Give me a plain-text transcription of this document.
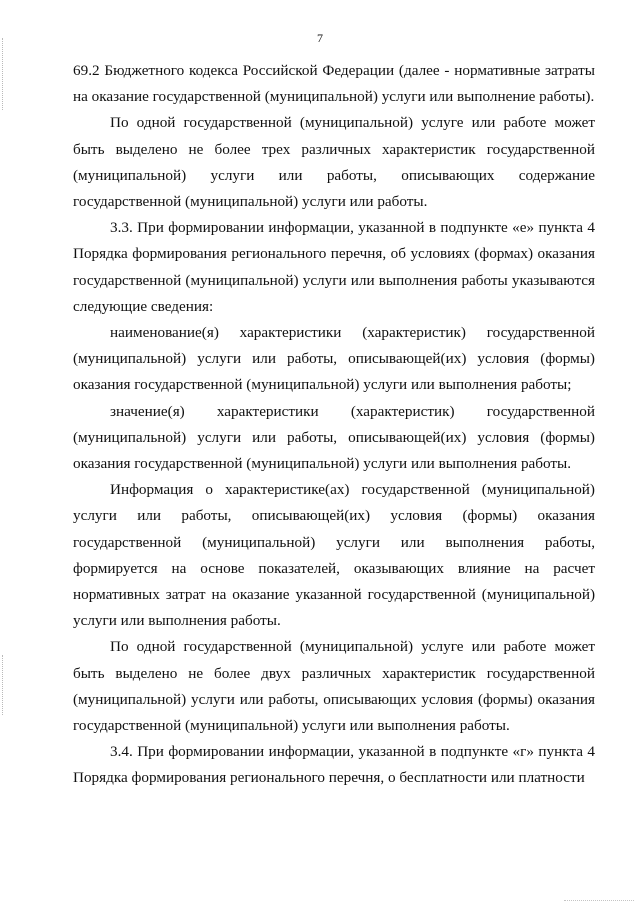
7

69.2 Бюджетного кодекса Российской Федерации (далее - нормативные затраты на оказание государственной (муниципальной) услуги или выполнение работы).

По одной государственной (муниципальной) услуге или работе может быть выделено не более трех различных характеристик государственной (муниципальной) услуги или работы, описывающих содержание государственной (муниципальной) услуги или работы.

3.3. При формировании информации, указанной в подпункте «е» пункта 4 Порядка формирования регионального перечня, об условиях (формах) оказания государственной (муниципальной) услуги или выполнения работы указываются следующие сведения:

наименование(я) характеристики (характеристик) государственной (муниципальной) услуги или работы, описывающей(их) условия (формы) оказания государственной (муниципальной) услуги или выполнения работы;

значение(я) характеристики (характеристик) государственной (муниципальной) услуги или работы, описывающей(их) условия (формы) оказания государственной (муниципальной) услуги или выполнения работы.

Информация о характеристике(ах) государственной (муниципальной) услуги или работы, описывающей(их) условия (формы) оказания государственной (муниципальной) услуги или выполнения работы, формируется на основе показателей, оказывающих влияние на расчет нормативных затрат на оказание указанной государственной (муниципальной) услуги или выполнения работы.

По одной государственной (муниципальной) услуге или работе может быть выделено не более двух различных характеристик государственной (муниципальной) услуги или работы, описывающих условия (формы) оказания государственной (муниципальной) услуги или выполнения работы.

3.4. При формировании информации, указанной в подпункте «г» пункта 4 Порядка формирования регионального перечня, о бесплатности или платности
